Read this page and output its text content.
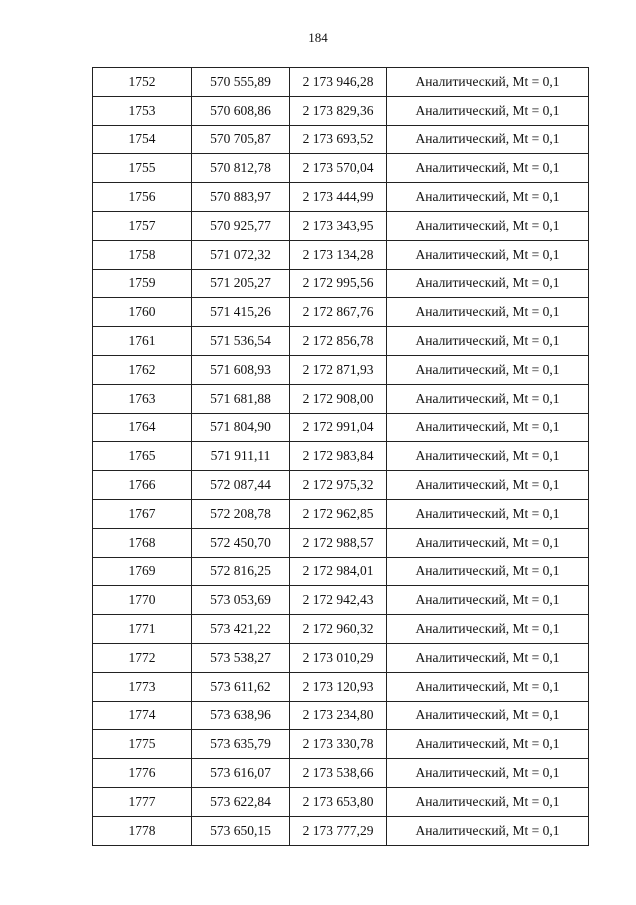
184
1752	570 555,89	2 173 946,28	Аналитический, Mt = 0,1
1753	570 608,86	2 173 829,36	Аналитический, Mt = 0,1
1754	570 705,87	2 173 693,52	Аналитический, Mt = 0,1
1755	570 812,78	2 173 570,04	Аналитический, Mt = 0,1
1756	570 883,97	2 173 444,99	Аналитический, Mt = 0,1
1757	570 925,77	2 173 343,95	Аналитический, Mt = 0,1
1758	571 072,32	2 173 134,28	Аналитический, Mt = 0,1
1759	571 205,27	2 172 995,56	Аналитический, Mt = 0,1
1760	571 415,26	2 172 867,76	Аналитический, Mt = 0,1
1761	571 536,54	2 172 856,78	Аналитический, Mt = 0,1
1762	571 608,93	2 172 871,93	Аналитический, Mt = 0,1
1763	571 681,88	2 172 908,00	Аналитический, Mt = 0,1
1764	571 804,90	2 172 991,04	Аналитический, Mt = 0,1
1765	571 911,11	2 172 983,84	Аналитический, Mt = 0,1
1766	572 087,44	2 172 975,32	Аналитический, Mt = 0,1
1767	572 208,78	2 172 962,85	Аналитический, Mt = 0,1
1768	572 450,70	2 172 988,57	Аналитический, Mt = 0,1
1769	572 816,25	2 172 984,01	Аналитический, Mt = 0,1
1770	573 053,69	2 172 942,43	Аналитический, Mt = 0,1
1771	573 421,22	2 172 960,32	Аналитический, Mt = 0,1
1772	573 538,27	2 173 010,29	Аналитический, Mt = 0,1
1773	573 611,62	2 173 120,93	Аналитический, Mt = 0,1
1774	573 638,96	2 173 234,80	Аналитический, Mt = 0,1
1775	573 635,79	2 173 330,78	Аналитический, Mt = 0,1
1776	573 616,07	2 173 538,66	Аналитический, Mt = 0,1
1777	573 622,84	2 173 653,80	Аналитический, Mt = 0,1
1778	573 650,15	2 173 777,29	Аналитический, Mt = 0,1
